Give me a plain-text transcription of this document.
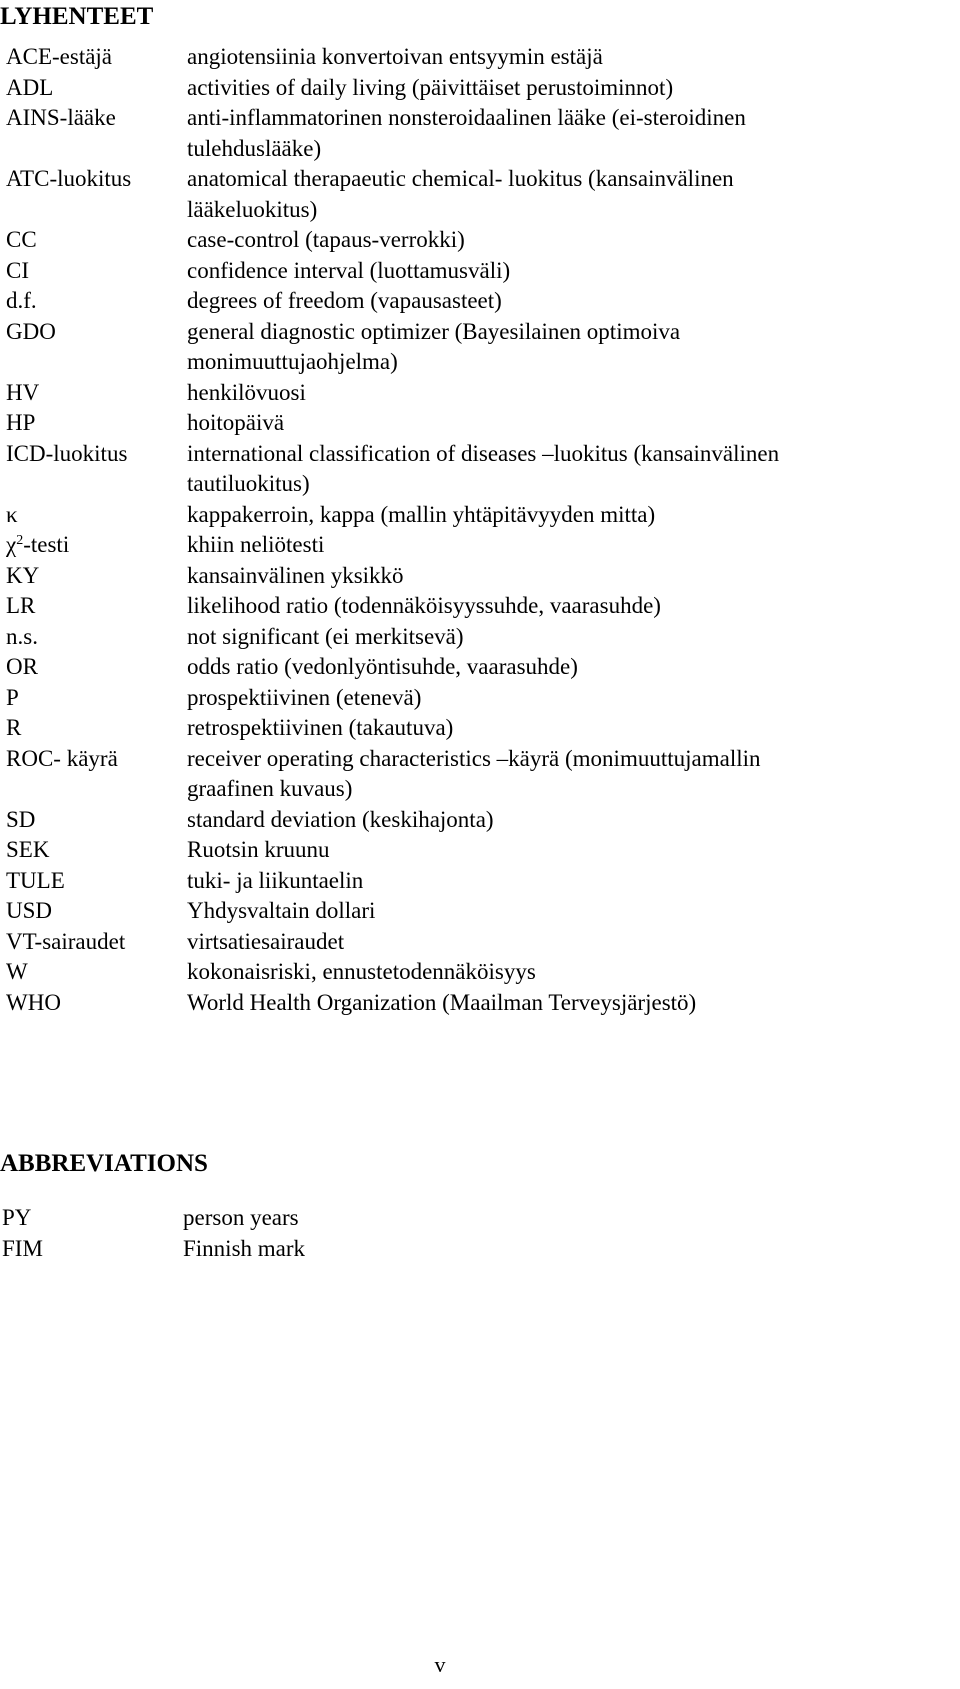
LYHENTEET
ACE-estäjä	angiotensiinia konvertoivan entsyymin estäjä
ADL	activities of daily living (päivittäiset perustoiminnot)
AINS-lääke	anti-inflammatorinen nonsteroidaalinen lääke (ei-steroidinen
tulehduslääke)
ATC-luokitus	anatomical therapaeutic chemical- luokitus (kansainvälinen
lääkeluokitus)
CC	case-control (tapaus-verrokki)
CI	confidence interval (luottamusväli)
d.f.	degrees of freedom (vapausasteet)
GDO	general diagnostic optimizer (Bayesilainen optimoiva
monimuuttujaohjelma)
HV	henkilövuosi
HP	hoitopäivä
ICD-luokitus	international classification of diseases –luokitus (kansainvälinen
tautiluokitus)
κ	kappakerroin, kappa (mallin yhtäpitävyyden mitta)
$\chi^2$-testi	khiin neliötesti
KY	kansainvälinen yksikkö
LR	likelihood ratio (todennäköisyyssuhde, vaarasuhde)
n.s.	not significant (ei merkitsevä)
OR	odds ratio (vedonlyöntisuhde, vaarasuhde)
P	prospektiivinen (etenevä)
R	retrospektiivinen (takautuva)
ROC- käyrä	receiver operating characteristics –käyrä (monimuuttujamallin
graafinen kuvaus)
SD	standard deviation (keskihajonta)
SEK	Ruotsin kruunu
TULE	tuki- ja liikuntaelin
USD	Yhdysvaltain dollari
VT-sairaudet	virtsatiesairaudet
W	kokonaisriski, ennustetodennäköisyys
WHO	World Health Organization (Maailman Terveysjärjestö)
ABBREVIATIONS
PY	person years
FIM	Finnish mark
v
